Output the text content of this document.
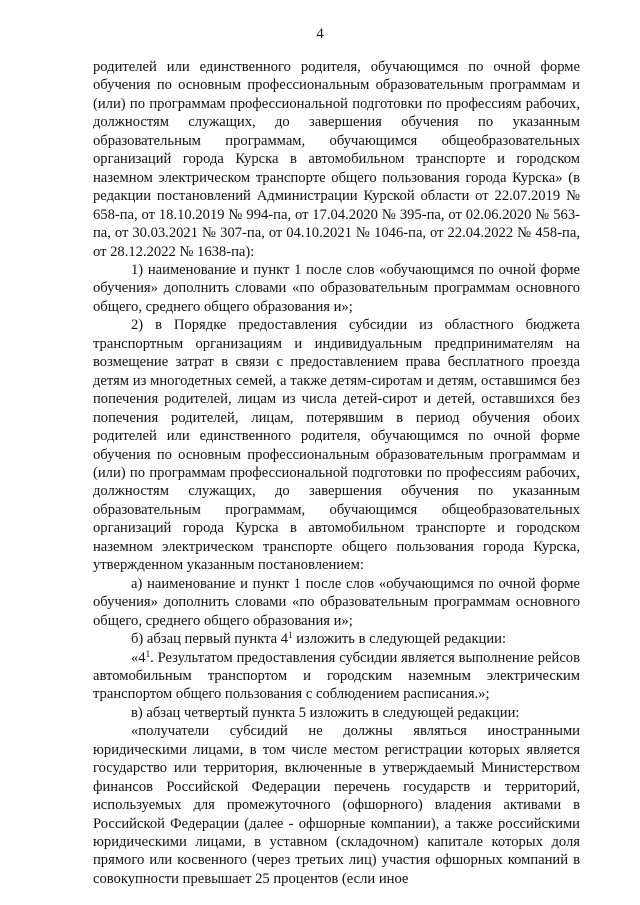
4

родителей или единственного родителя, обучающимся по очной форме обучения по основным профессиональным образовательным программам и (или) по программам профессиональной подготовки по профессиям рабочих, должностям служащих, до завершения обучения по указанным образовательным программам, обучающимся общеобразовательных организаций города Курска в автомобильном транспорте и городском наземном электрическом транспорте общего пользования города Курска» (в редакции постановлений Администрации Курской области от 22.07.2019 № 658-па, от 18.10.2019 № 994-па, от 17.04.2020 № 395-па, от 02.06.2020 № 563-па, от 30.03.2021 № 307-па, от 04.10.2021 № 1046-па, от 22.04.2022 № 458-па, от 28.12.2022 № 1638-па):

1) наименование и пункт 1 после слов «обучающимся по очной форме обучения» дополнить словами «по образовательным программам основного общего, среднего общего образования и»;

2) в Порядке предоставления субсидии из областного бюджета транспортным организациям и индивидуальным предпринимателям на возмещение затрат в связи с предоставлением права бесплатного проезда детям из многодетных семей, а также детям-сиротам и детям, оставшимся без попечения родителей, лицам из числа детей-сирот и детей, оставшихся без попечения родителей, лицам, потерявшим в период обучения обоих родителей или единственного родителя, обучающимся по очной форме обучения по основным профессиональным образовательным программам и (или) по программам профессиональной подготовки по профессиям рабочих, должностям служащих, до завершения обучения по указанным образовательным программам, обучающимся общеобразовательных организаций города Курска в автомобильном транспорте и городском наземном электрическом транспорте общего пользования города Курска, утвержденном указанным постановлением:

а) наименование и пункт 1 после слов «обучающимся по очной форме обучения» дополнить словами «по образовательным программам основного общего, среднего общего образования и»;

б) абзац первый пункта $4^1$ изложить в следующей редакции:

«$4^1$. Результатом предоставления субсидии является выполнение рейсов автомобильным транспортом и городским наземным электрическим транспортом общего пользования с соблюдением расписания.»;

в) абзац четвертый пункта 5 изложить в следующей редакции:

«получатели субсидий не должны являться иностранными юридическими лицами, в том числе местом регистрации которых является государство или территория, включенные в утверждаемый Министерством финансов Российской Федерации перечень государств и территорий, используемых для промежуточного (офшорного) владения активами в Российской Федерации (далее - офшорные компании), а также российскими юридическими лицами, в уставном (складочном) капитале которых доля прямого или косвенного (через третьих лиц) участия офшорных компаний в совокупности превышает 25 процентов (если иное
